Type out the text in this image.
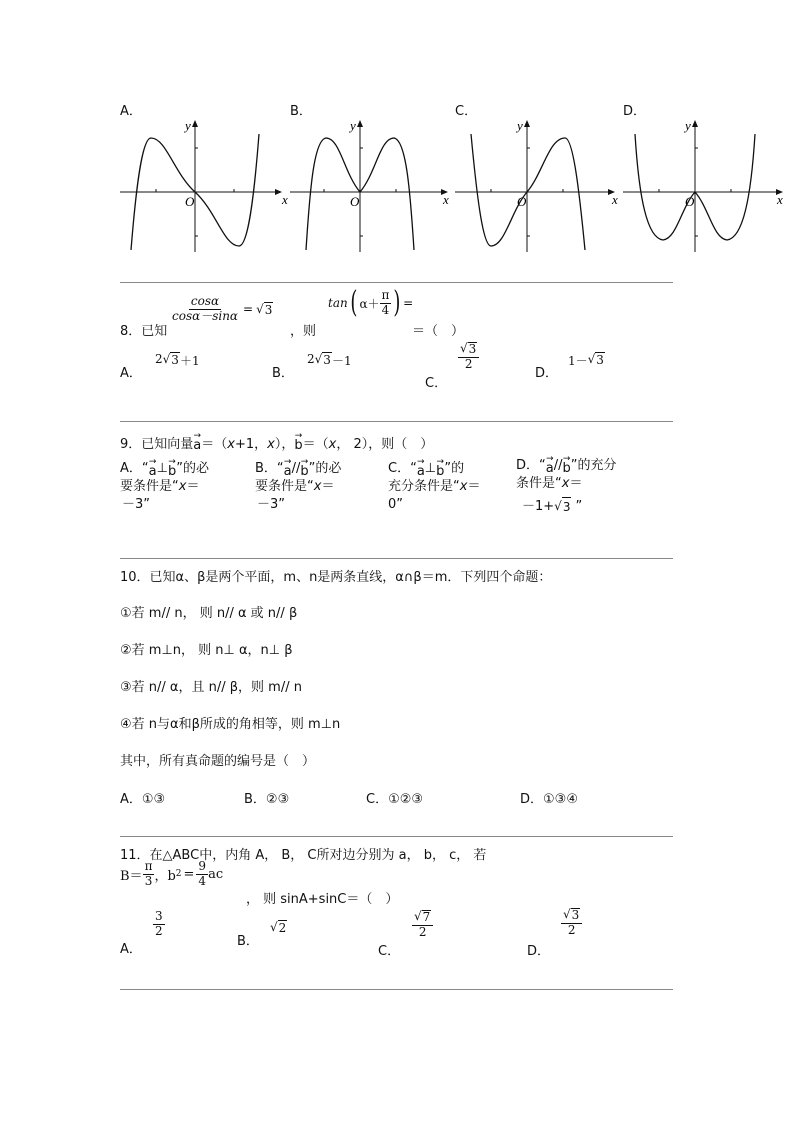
A．	B．	C．	D．
x
y
O	x
y
O	x
y
O	x
y
O
8．已知
$\frac{\cos\alpha}{\cos\alpha-\sin\alpha}$ = √ 3
，则
tan ( $\alpha+ \frac{\pi}{4}$ ) =
＝（　）
A．
2 √ 3 ＋1
B．
2 √ 3 －1
C．
$\frac{√ 3}{2}$
D．
1－ √ 3
9．已知向量
→
a ＝（ x +1， x ），
→
b ＝（ x ， 2），则（　）
A．“ →
a ⊥ →
b ”的必
要条件是“x＝
－3”
B．“ →
a // →
b ”的必
要条件是“x＝
－3”
C．“ →
a ⊥ →
b ”的
充分条件是“x＝
0”
D．“ →
a // →
b ”的充分
条件是“x＝
－1+ √ 3 ”
10．已知α、β是两个平面，m、n是两条直线，α∩β＝m．下列四个命题：
①若 m// n， 则 n// α 或 n// β
②若 m⊥n， 则 n⊥ α，n⊥ β
③若 n// α，且 n// β，则 m// n
④若 n与α和β所成的角相等，则 m⊥n
其中，所有真命题的编号是（　）
A．①③	B．②③	C．①②③	D．①③④
11．在△ABC中，内角 A， B， C所对边分别为 a， b， c， 若
$B= \frac{\pi}{3}$ ，b $2 = \frac{9}{4}$ ac
， 则 sinA+sinC＝（　）
A．
$\frac{3}{2}$
B．
√ 2
C．
$\frac{√ 7}{2}$
D．
$\frac{√ 3}{2}$
